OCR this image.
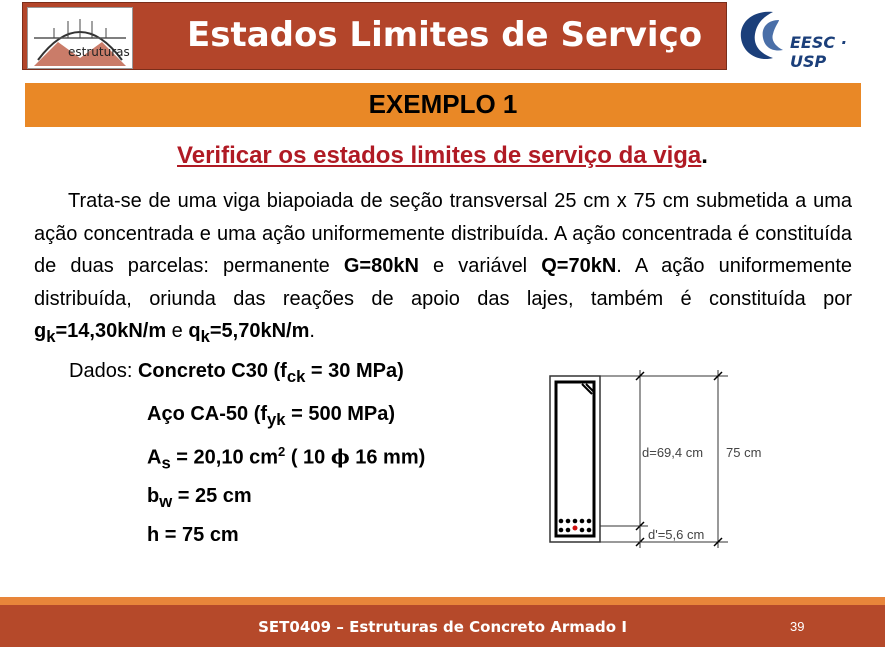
estruturas Estados Limites de Serviço	EESC · USP
EXEMPLO 1
Verificar os estados limites de serviço da viga.
Trata-se de uma viga biapoiada de seção transversal 25 cm x 75 cm submetida a uma ação concentrada e uma ação uniformemente distribuída. A ação concentrada é constituída de duas parcelas: permanente G=80kN e variável Q=70kN. A ação uniformemente distribuída, oriunda das reações de apoio das lajes, também é constituída por $g_k=14,30kN/m$ e $q_k=5,70kN/m$.
Dados: Concreto C30 ($f_{ck} = 30$ MPa)
Aço CA-50 ($f_{yk} = 500$ MPa)
$A_s = 20,10$ $cm^2$ ( 10 ϕ 16 mm)
$b_w = 25$ cm
h = 75 cm
d=69,4 cm 75 cm
d'=5,6 cm
SET0409 – Estruturas de Concreto Armado I	39
